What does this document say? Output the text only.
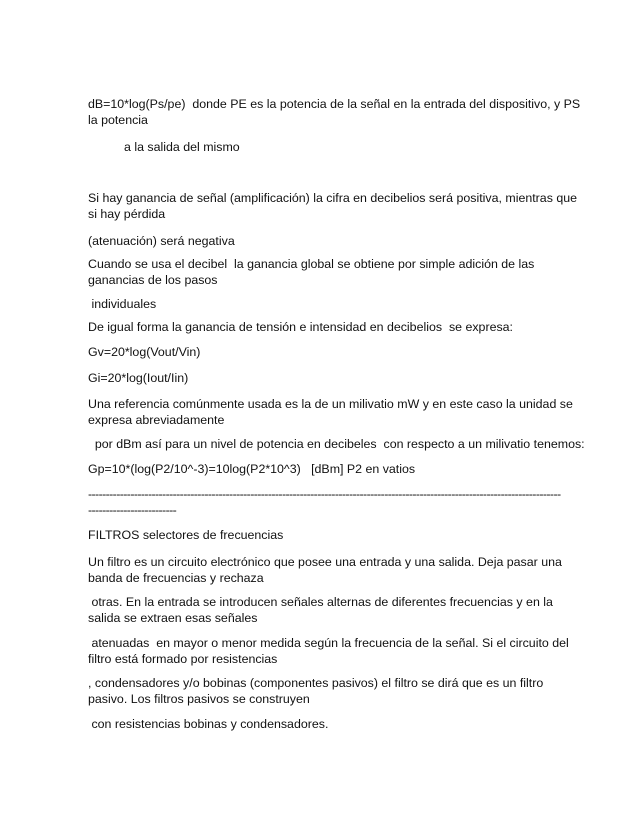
dB=10*log(Ps/pe)  donde PE es la potencia de la señal en la entrada del dispositivo, y PS
la potencia
a la salida del mismo
Si hay ganancia de señal (amplificación) la cifra en decibelios será positiva, mientras que
si hay pérdida
(atenuación) será negativa
Cuando se usa el decibel  la ganancia global se obtiene por simple adición de las
ganancias de los pasos
individuales
De igual forma la ganancia de tensión e intensidad en decibelios  se expresa:
Gv=20*log(Vout/Vin)
Gi=20*log(Iout/Iin)
Una referencia comúnmente usada es la de un milivatio mW y en este caso la unidad se
expresa abreviadamente
por dBm así para un nivel de potencia en decibeles  con respecto a un milivatio tenemos:
Gp=10*(log(P2/10^-3)=10log(P2*10^3)   [dBm] P2 en vatios
--------------------------------------------------------------------------------------------------------------------------------------
-------------------------
FILTROS selectores de frecuencias
Un filtro es un circuito electrónico que posee una entrada y una salida. Deja pasar una
banda de frecuencias y rechaza
otras. En la entrada se introducen señales alternas de diferentes frecuencias y en la
salida se extraen esas señales
atenuadas  en mayor o menor medida según la frecuencia de la señal. Si el circuito del
filtro está formado por resistencias
, condensadores y/o bobinas (componentes pasivos) el filtro se dirá que es un filtro
pasivo. Los filtros pasivos se construyen
con resistencias bobinas y condensadores.
